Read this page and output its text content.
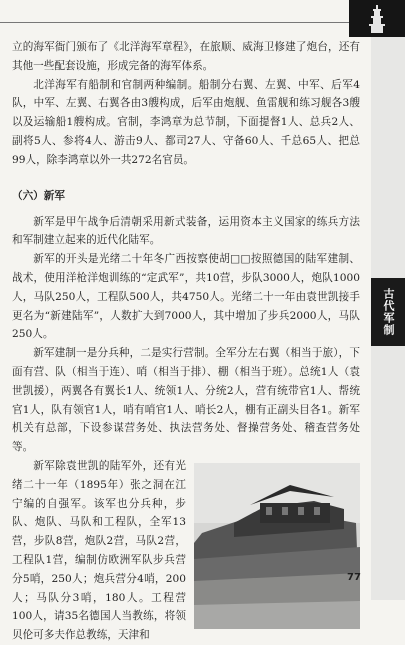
古代军制

立的海军衙门颁布了《北洋海军章程》，在旅顺、威海卫修建了炮台，还有其他一些配套设施，形成完备的海军体系。

北洋海军有船制和官制两种编制。船制分右翼、左翼、中军、后军4队，中军、左翼、右翼各由3艘构成，后军由炮舰、鱼雷舰和练习舰各3艘以及运输船1艘构成。官制，李鸿章为总节制，下面提督1人、总兵2人、副将5人、参将4人、游击9人、都司27人、守备60人、千总65人、把总99人，除李鸿章以外一共272名官员。

（六）新军

新军是甲午战争后清朝采用新式装备，运用资本主义国家的练兵方法和军制建立起来的近代化陆军。

新军的开头是光绪二十年冬广西按察使胡□□按照德国的陆军建制、战术，使用洋枪洋炮训练的“定武军”，共10营，步队3000人，炮队1000人，马队250人，工程队500人，共4750人。光绪二十一年由袁世凯接手更名为“新建陆军”，人数扩大到7000人，其中增加了步兵2000人，马队250人。

新军建制一是分兵种，二是实行营制。全军分左右翼（相当于旅），下面有营、队（相当于连）、哨（相当于排）、棚（相当于班）。总统1人（袁世凯援），两翼各有翼长1人、统领1人、分统2人，营有统带官1人、帮统官1人，队有领官1人，哨有哨官1人、哨长2人，棚有正副头目各1。新军机关有总部，下设参谋营务处、执法营务处、督操营务处、稽查营务处等。

新军除袁世凯的陆军外，还有光绪二十一年（1895年）张之洞在江宁编的自强军。该军也分兵种，步队、炮队、马队和工程队，全军13营，步队8营，炮队2营，马队2营，工程队1营，编制仿欧洲军队步兵营分5哨，250人；炮兵营分4哨，200人；马队分3哨，180人。工程营100人，请35名德国人当教练，将领贝伦可多夫作总教练，天津和

77
